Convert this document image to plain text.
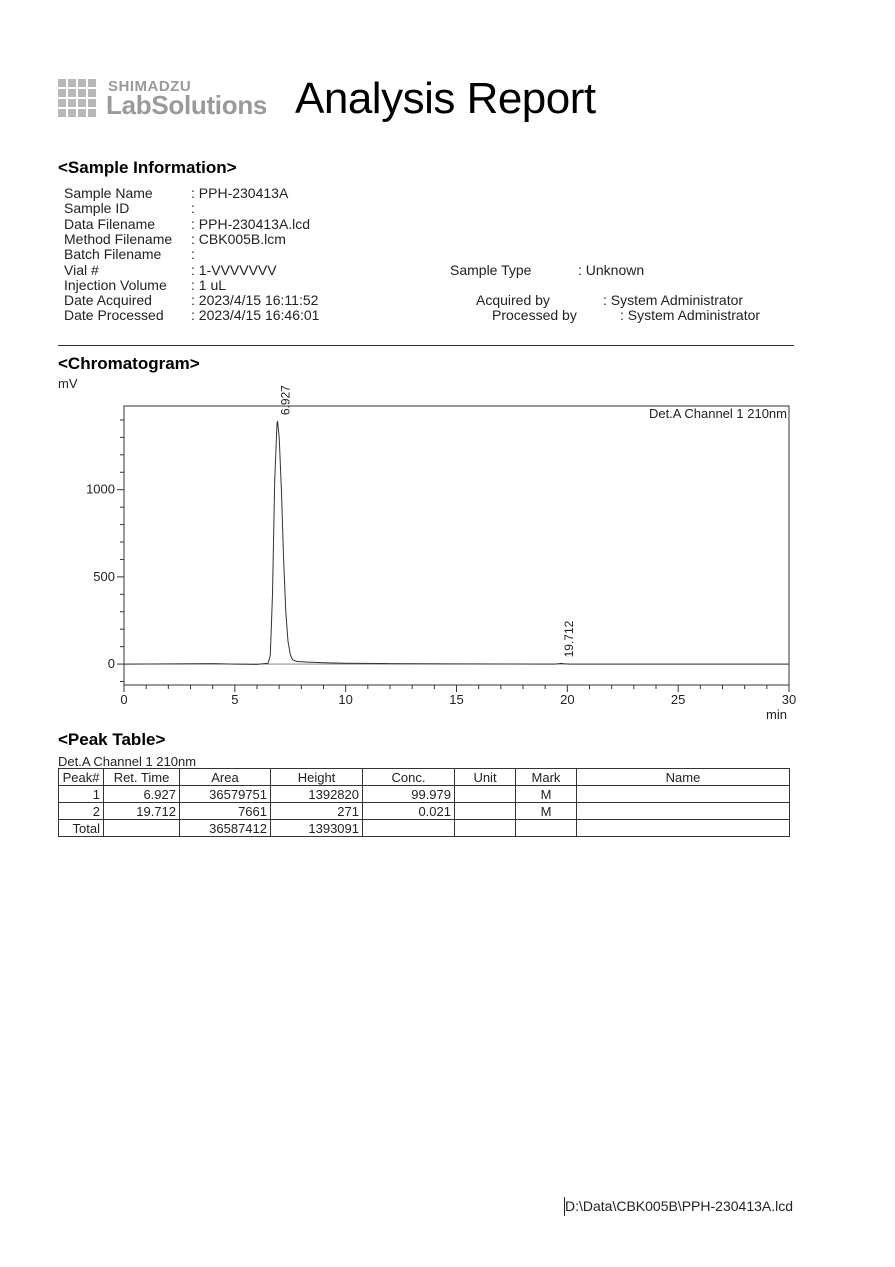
SHIMADZU
LabSolutions Analysis Report
<Sample Information>
Sample Name	: PPH-230413A
Sample ID	:
Data Filename	: PPH-230413A.lcd
Method Filename : CBK005B.lcm
Batch Filename :
Vial #	: 1-VVVVVVV
Injection Volume : 1 uL
Date Acquired	: 2023/4/15 16:11:52
Date Processed : 2023/4/15 16:46:01
Sample Type	: Unknown
Acquired by	: System Administrator
Processed by	: System Administrator
<Chromatogram>
mV
0	5	10	15	20	25	30
0
500
1000
6.927
19.712
Det.A Channel 1 210nm
min
<Peak Table>
Det.A Channel 1 210nm
Peak#	Ret. Time	Area	Height	Conc.	Unit	Mark	Name
1	6.927	36579751	1392820	99.979		M	
2	19.712	7661	271	0.021		M	
Total		36587412	1393091				
D:\Data\CBK005B\PPH-230413A.lcd
